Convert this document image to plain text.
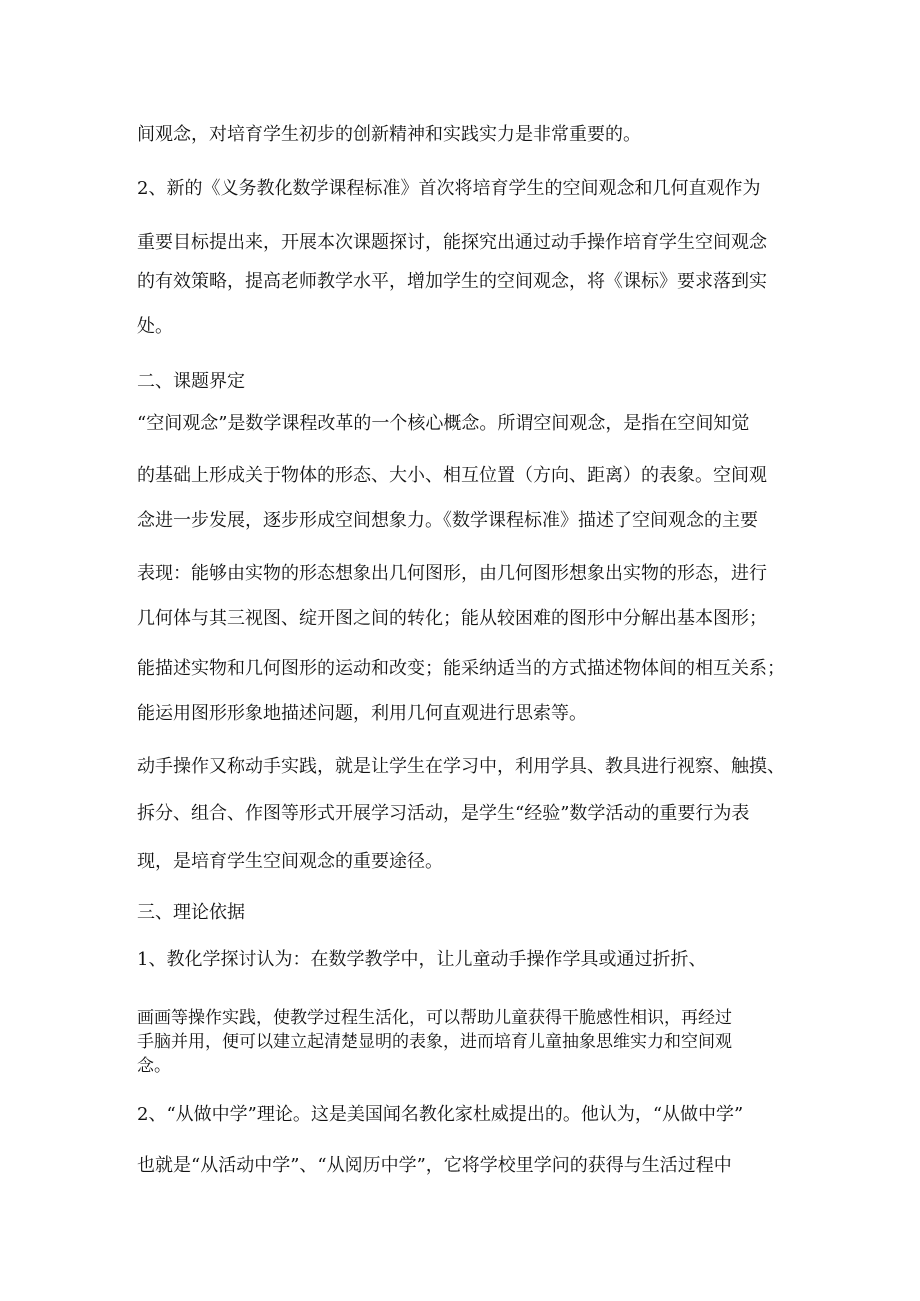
间观念，对培育学生初步的创新精神和实践实力是非常重要的。
2、新的《义务教化数学课程标准》首次将培育学生的空间观念和几何直观作为
重要目标提出来，开展本次课题探讨，能探究出通过动手操作培育学生空间观念
的有效策略，提高老师教学水平，增加学生的空间观念，将《课标》要求落到实
处。
二、课题界定
“空间观念”是数学课程改革的一个核心概念。所谓空间观念，是指在空间知觉
的基础上形成关于物体的形态、大小、相互位置（方向、距离）的表象。空间观
念进一步发展，逐步形成空间想象力。《数学课程标准》描述了空间观念的主要
表现：能够由实物的形态想象出几何图形，由几何图形想象出实物的形态，进行
几何体与其三视图、绽开图之间的转化；能从较困难的图形中分解出基本图形；
能描述实物和几何图形的运动和改变；能采纳适当的方式描述物体间的相互关系；
能运用图形形象地描述问题，利用几何直观进行思索等。
动手操作又称动手实践，就是让学生在学习中，利用学具、教具进行视察、触摸、
拆分、组合、作图等形式开展学习活动，是学生“经验”数学活动的重要行为表
现，是培育学生空间观念的重要途径。
三、理论依据
1、教化学探讨认为：在数学教学中，让儿童动手操作学具或通过折折、
画画等操作实践，使教学过程生活化，可以帮助儿童获得干脆感性相识，再经过
手脑并用，便可以建立起清楚显明的表象，进而培育儿童抽象思维实力和空间观
念。
2、“从做中学”理论。这是美国闻名教化家杜威提出的。他认为，“从做中学”
也就是“从活动中学”、“从阅历中学”，它将学校里学问的获得与生活过程中
